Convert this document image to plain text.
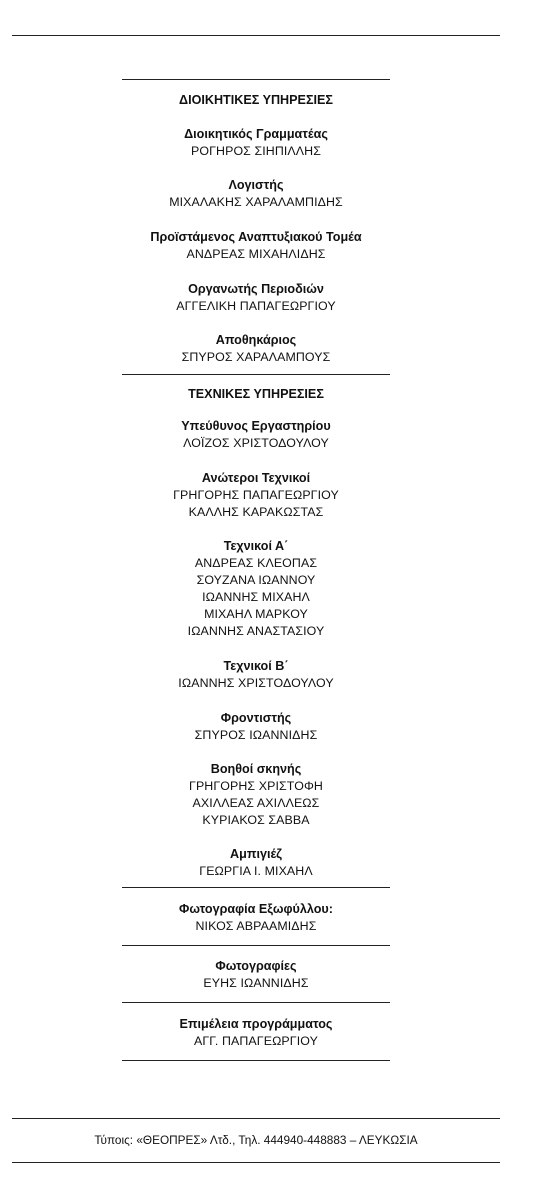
ΔΙΟΙΚΗΤΙΚΕΣ ΥΠΗΡΕΣΙΕΣ

Διοικητικός Γραμματέας

ΡΟΓΗΡΟΣ ΣΙΗΠΙΛΛΗΣ

Λογιστής

ΜΙΧΑΛΑΚΗΣ ΧΑΡΑΛΑΜΠΙΔΗΣ

Προϊστάμενος Αναπτυξιακού Τομέα

ΑΝΔΡΕΑΣ ΜΙΧΑΗΛΙΔΗΣ

Οργανωτής Περιοδιών

ΑΓΓΕΛΙΚΗ ΠΑΠΑΓΕΩΡΓΙΟΥ

Αποθηκάριος

ΣΠΥΡΟΣ ΧΑΡΑΛΑΜΠΟΥΣ

ΤΕΧΝΙΚΕΣ ΥΠΗΡΕΣΙΕΣ

Υπεύθυνος Εργαστηρίου

ΛΟΪΖΟΣ ΧΡΙΣΤΟΔΟΥΛΟΥ

Ανώτεροι Τεχνικοί

ΓΡΗΓΟΡΗΣ ΠΑΠΑΓΕΩΡΓΙΟΥ

ΚΑΛΛΗΣ ΚΑΡΑΚΩΣΤΑΣ

Τεχνικοί Α΄

ΑΝΔΡΕΑΣ ΚΛΕΟΠΑΣ

ΣΟΥΖΑΝΑ ΙΩΑΝΝΟΥ

ΙΩΑΝΝΗΣ ΜΙΧΑΗΛ

ΜΙΧΑΗΛ ΜΑΡΚΟΥ

ΙΩΑΝΝΗΣ ΑΝΑΣΤΑΣΙΟΥ

Τεχνικοί Β΄

ΙΩΑΝΝΗΣ ΧΡΙΣΤΟΔΟΥΛΟΥ

Φροντιστής

ΣΠΥΡΟΣ ΙΩΑΝΝΙΔΗΣ

Βοηθοί σκηνής

ΓΡΗΓΟΡΗΣ ΧΡΙΣΤΟΦΗ

ΑΧΙΛΛΕΑΣ ΑΧΙΛΛΕΩΣ

ΚΥΡΙΑΚΟΣ ΣΑΒΒΑ

Αμπιγιέζ

ΓΕΩΡΓΙΑ Ι. ΜΙΧΑΗΛ

Φωτογραφία Εξωφύλλου:

ΝΙΚΟΣ ΑΒΡΑΑΜΙΔΗΣ

Φωτογραφίες

ΕΥΗΣ ΙΩΑΝΝΙΔΗΣ

Επιμέλεια προγράμματος

ΑΓΓ. ΠΑΠΑΓΕΩΡΓΙΟΥ

Τύποις: «ΘΕΟΠΡΕΣ» Λτδ., Τηλ. 444940-448883 – ΛΕΥΚΩΣΙΑ
